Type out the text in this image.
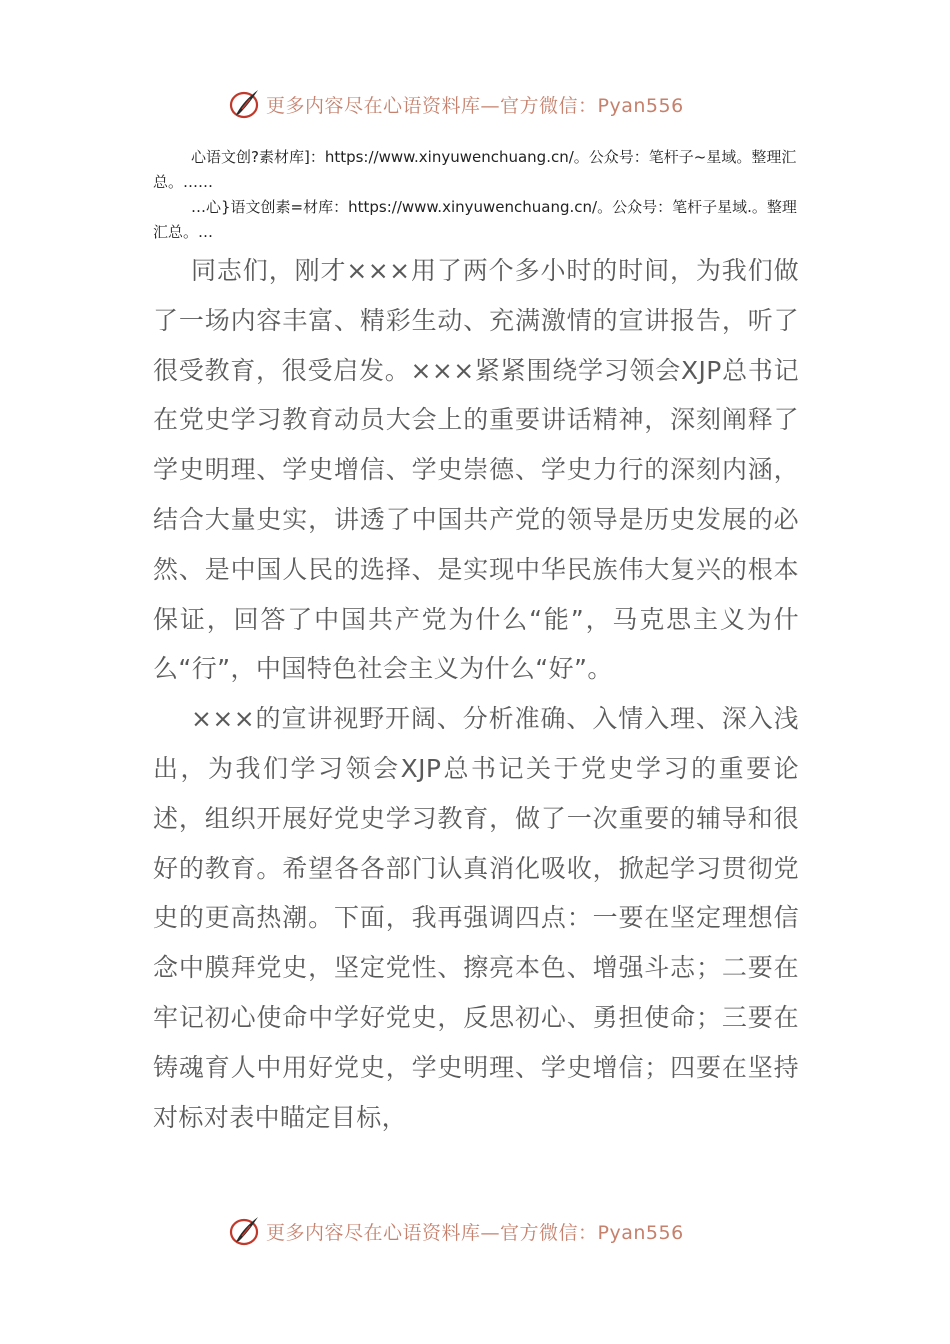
更多内容尽在心语资料库—官方微信：Pyan556

心语文创?素材库]：https://www.xinyuwenchuang.cn/。公众号：笔杆子~星域。整理汇总。……

…心}语文创素=材库：https://www.xinyuwenchuang.cn/。公众号：笔杆子星域.。整理汇总。…

同志们，刚才×××用了两个多小时的时间，为我们做了一场内容丰富、精彩生动、充满激情的宣讲报告，听了很受教育，很受启发。×××紧紧围绕学习领会XJP总书记在党史学习教育动员大会上的重要讲话精神，深刻阐释了学史明理、学史增信、学史崇德、学史力行的深刻内涵，结合大量史实，讲透了中国共产党的领导是历史发展的必然、是中国人民的选择、是实现中华民族伟大复兴的根本保证，回答了中国共产党为什么“能”，马克思主义为什么“行”，中国特色社会主义为什么“好”。

×××的宣讲视野开阔、分析准确、入情入理、深入浅出，为我们学习领会XJP总书记关于党史学习的重要论述，组织开展好党史学习教育，做了一次重要的辅导和很好的教育。希望各各部门认真消化吸收，掀起学习贯彻党史的更高热潮。下面，我再强调四点：一要在坚定理想信念中膜拜党史，坚定党性、擦亮本色、增强斗志；二要在牢记初心使命中学好党史，反思初心、勇担使命；三要在铸魂育人中用好党史，学史明理、学史增信；四要在坚持对标对表中瞄定目标，

更多内容尽在心语资料库—官方微信：Pyan556
